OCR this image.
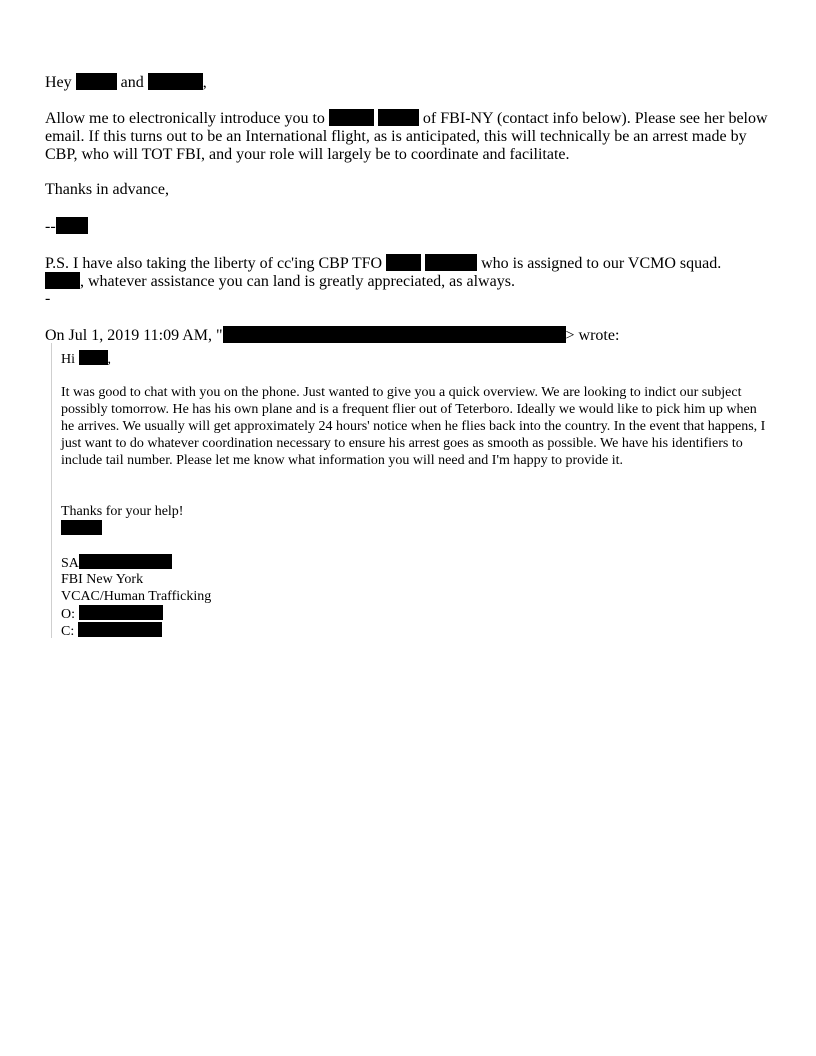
Hey	and	,
Allow me to electronically introduce you to	of FBI-NY (contact info below). Please see her below email. If this turns out to be an International flight, as is anticipated, this will technically be an arrest made by CBP, who will TOT FBI, and your role will largely be to coordinate and facilitate.
Thanks in advance,
--
P.S. I have also taking the liberty of cc'ing CBP TFO	who is assigned to our VCMO squad.
, whatever assistance you can land is greatly appreciated, as always.
-
On Jul 1, 2019 11:09 AM, "	> wrote:
Hi ,
It was good to chat with you on the phone. Just wanted to give you a quick overview. We are looking to indict our subject possibly tomorrow. He has his own plane and is a frequent flier out of Teterboro. Ideally we would like to pick him up when he arrives. We usually will get approximately 24 hours' notice when he flies back into the country. In the event that happens, I just want to do whatever coordination necessary to ensure his arrest goes as smooth as possible. We have his identifiers to include tail number. Please let me know what information you will need and I'm happy to provide it.
Thanks for your help!
SA
FBI New York
VCAC/Human Trafficking
O:
C:
